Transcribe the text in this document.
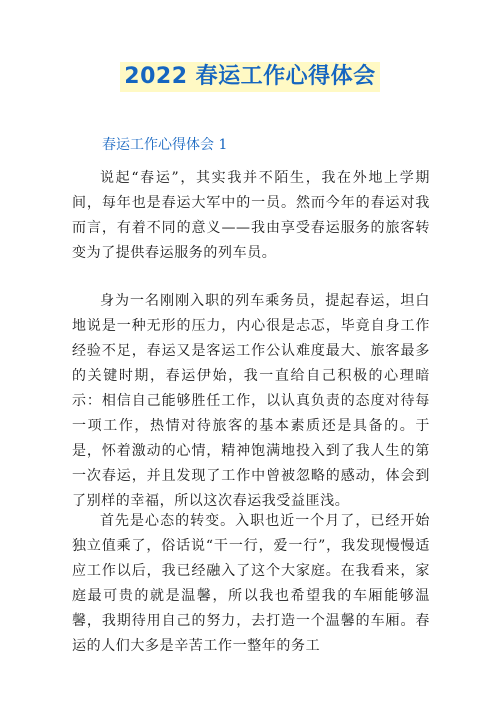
2022 春运工作心得体会
春运工作心得体会 1

说起“春运”，其实我并不陌生，我在外地上学期间，每年也是春运大军中的一员。然而今年的春运对我而言，有着不同的意义——我由享受春运服务的旅客转变为了提供春运服务的列车员。

身为一名刚刚入职的列车乘务员，提起春运，坦白地说是一种无形的压力，内心很是忐忑，毕竟自身工作经验不足，春运又是客运工作公认难度最大、旅客最多的关键时期，春运伊始，我一直给自己积极的心理暗示：相信自己能够胜任工作，以认真负责的态度对待每一项工作，热情对待旅客的基本素质还是具备的。于是，怀着激动的心情，精神饱满地投入到了我人生的第一次春运，并且发现了工作中曾被忽略的感动，体会到了别样的幸福，所以这次春运我受益匪浅。

首先是心态的转变。入职也近一个月了，已经开始独立值乘了，俗话说“干一行，爱一行”，我发现慢慢适应工作以后，我已经融入了这个大家庭。在我看来，家庭最可贵的就是温馨，所以我也希望我的车厢能够温馨，我期待用自己的努力，去打造一个温馨的车厢。春运的人们大多是辛苦工作一整年的务工
